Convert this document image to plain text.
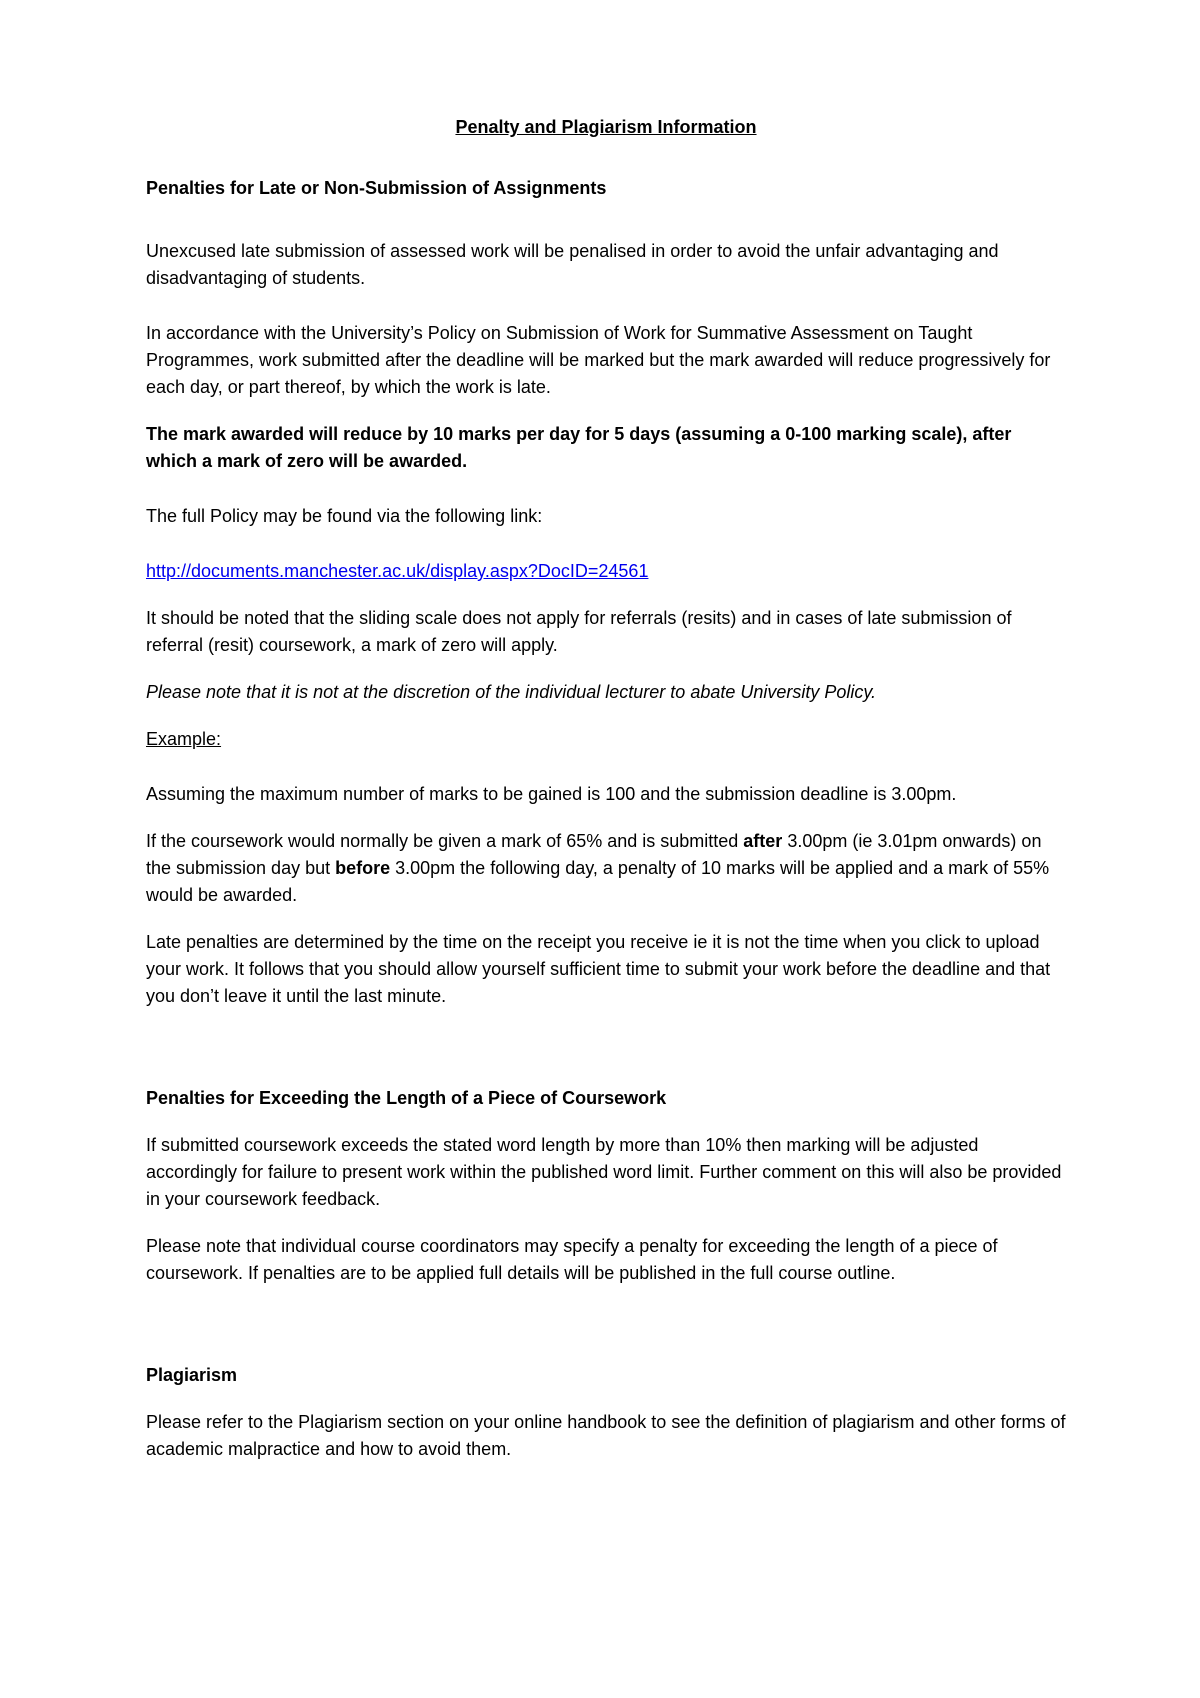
Penalty and Plagiarism Information
Penalties for Late or Non-Submission of Assignments

Unexcused late submission of assessed work will be penalised in order to avoid the unfair advantaging and disadvantaging of students.

In accordance with the University’s Policy on Submission of Work for Summative Assessment on Taught Programmes, work submitted after the deadline will be marked but the mark awarded will reduce progressively for each day, or part thereof, by which the work is late.

The mark awarded will reduce by 10 marks per day for 5 days (assuming a 0-100 marking scale), after which a mark of zero will be awarded.

The full Policy may be found via the following link:

http://documents.manchester.ac.uk/display.aspx?DocID=24561

It should be noted that the sliding scale does not apply for referrals (resits) and in cases of late submission of referral (resit) coursework, a mark of zero will apply.

Please note that it is not at the discretion of the individual lecturer to abate University Policy.

Example:

Assuming the maximum number of marks to be gained is 100 and the submission deadline is 3.00pm.

If the coursework would normally be given a mark of 65% and is submitted after 3.00pm (ie 3.01pm onwards) on the submission day but before 3.00pm the following day, a penalty of 10 marks will be applied and a mark of 55% would be awarded.

Late penalties are determined by the time on the receipt you receive ie it is not the time when you click to upload your work. It follows that you should allow yourself sufficient time to submit your work before the deadline and that you don’t leave it until the last minute.

Penalties for Exceeding the Length of a Piece of Coursework

If submitted coursework exceeds the stated word length by more than 10% then marking will be adjusted accordingly for failure to present work within the published word limit. Further comment on this will also be provided in your coursework feedback.

Please note that individual course coordinators may specify a penalty for exceeding the length of a piece of coursework. If penalties are to be applied full details will be published in the full course outline.

Plagiarism

Please refer to the Plagiarism section on your online handbook to see the definition of plagiarism and other forms of academic malpractice and how to avoid them.
